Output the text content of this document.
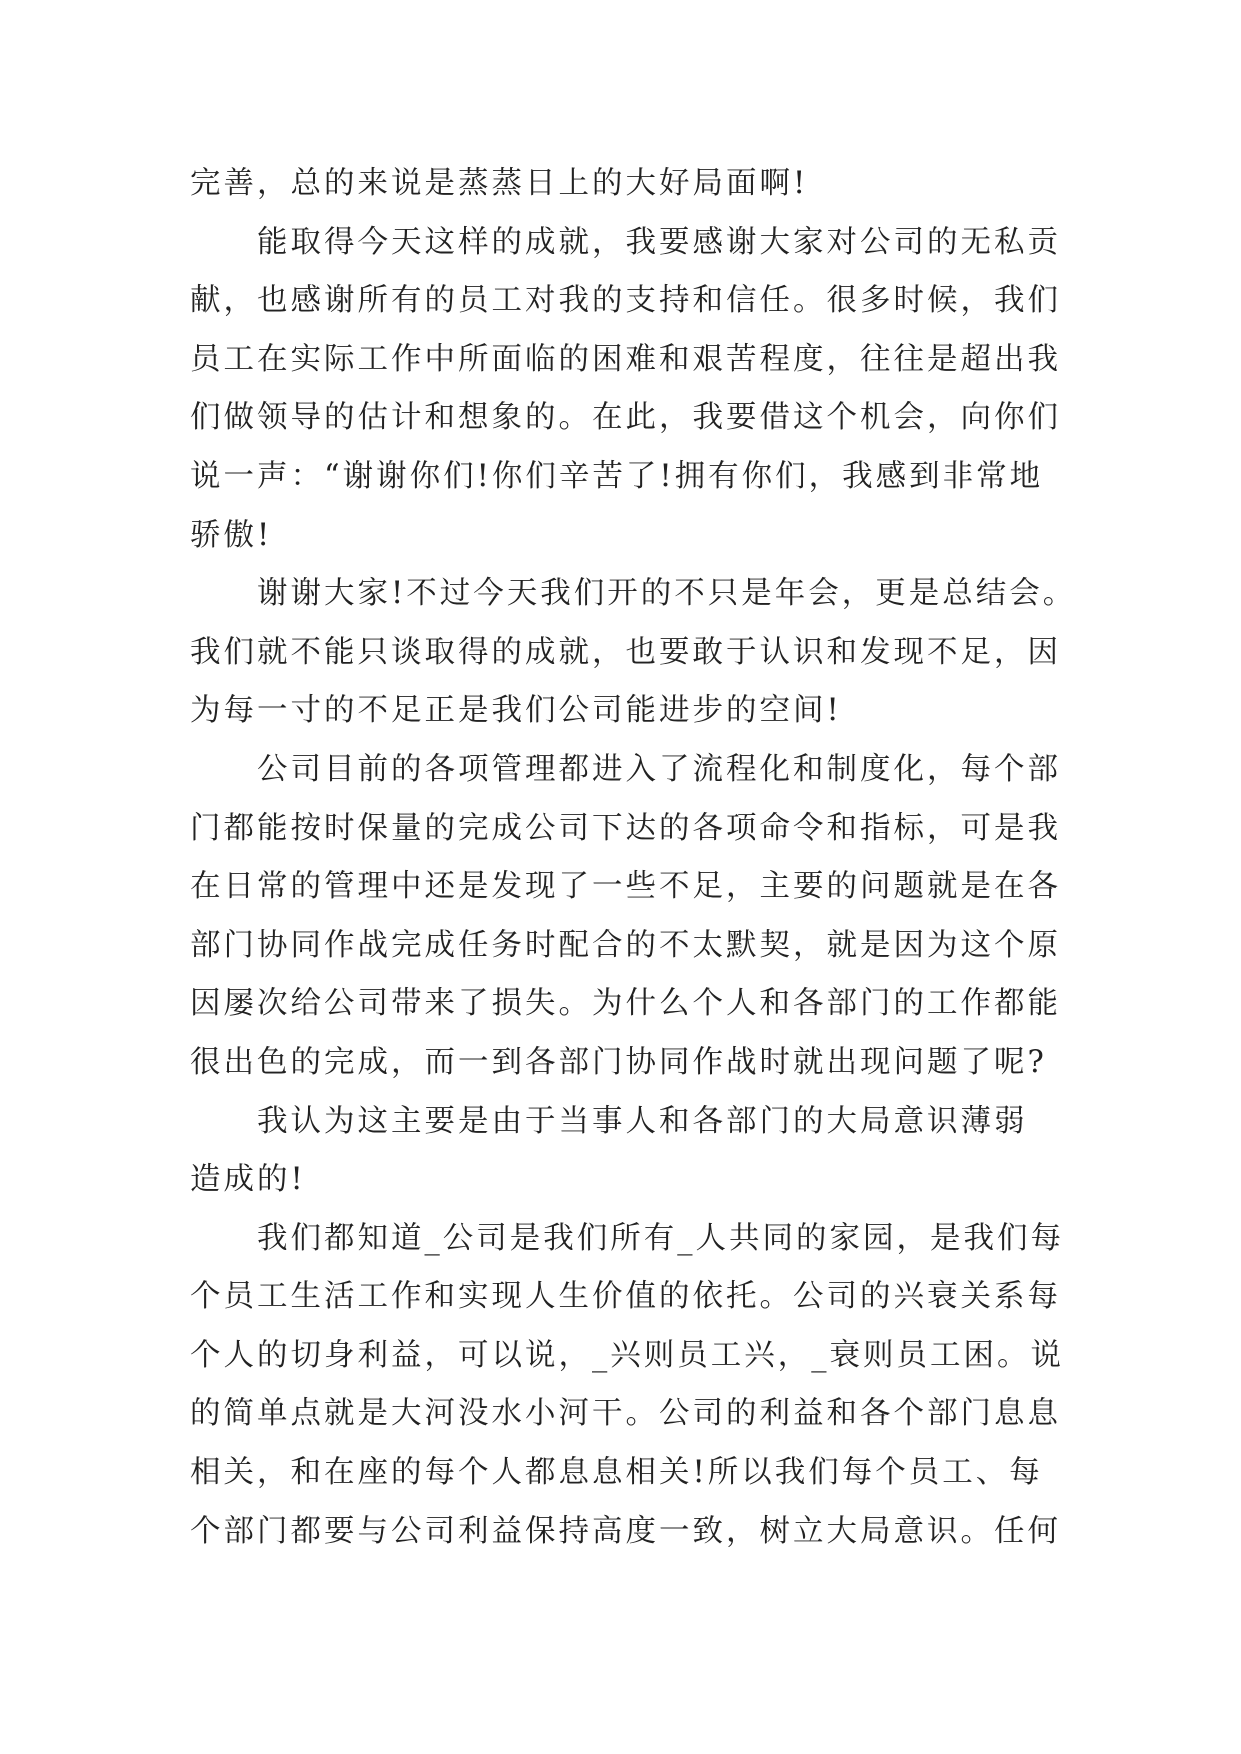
完善，总的来说是蒸蒸日上的大好局面啊!
　　能取得今天这样的成就，我要感谢大家对公司的无私贡
献，也感谢所有的员工对我的支持和信任。很多时候，我们
员工在实际工作中所面临的困难和艰苦程度，往往是超出我
们做领导的估计和想象的。在此，我要借这个机会，向你们
说一声：“谢谢你们!你们辛苦了!拥有你们，我感到非常地
骄傲!
　　谢谢大家!不过今天我们开的不只是年会，更是总结会。
我们就不能只谈取得的成就，也要敢于认识和发现不足，因
为每一寸的不足正是我们公司能进步的空间!
　　公司目前的各项管理都进入了流程化和制度化，每个部
门都能按时保量的完成公司下达的各项命令和指标，可是我
在日常的管理中还是发现了一些不足，主要的问题就是在各
部门协同作战完成任务时配合的不太默契，就是因为这个原
因屡次给公司带来了损失。为什么个人和各部门的工作都能
很出色的完成，而一到各部门协同作战时就出现问题了呢?
　　我认为这主要是由于当事人和各部门的大局意识薄弱
造成的!
　　我们都知道_公司是我们所有_人共同的家园，是我们每
个员工生活工作和实现人生价值的依托。公司的兴衰关系每
个人的切身利益，可以说，_兴则员工兴，_衰则员工困。说
的简单点就是大河没水小河干。公司的利益和各个部门息息
相关，和在座的每个人都息息相关!所以我们每个员工、每
个部门都要与公司利益保持高度一致，树立大局意识。任何
